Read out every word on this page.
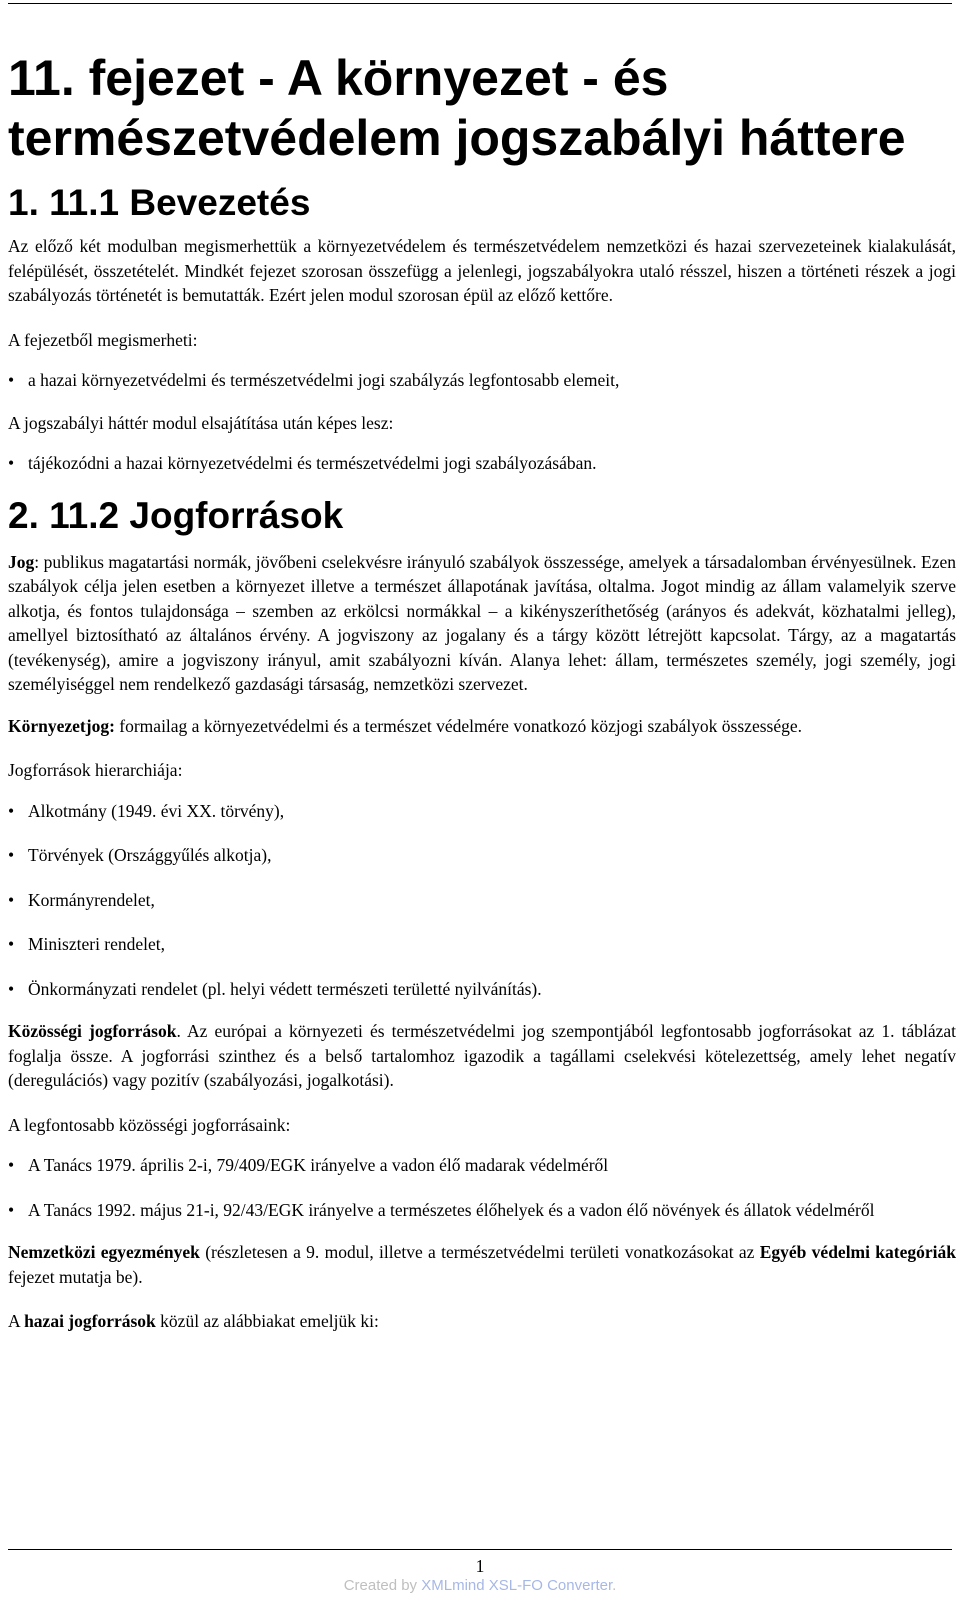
11. fejezet - A környezet - és természetvédelem jogszabályi háttere
1. 11.1 Bevezetés

Az előző két modulban megismerhettük a környezetvédelem és természetvédelem nemzetközi és hazai szervezeteinek kialakulását, felépülését, összetételét. Mindkét fejezet szorosan összefügg a jelenlegi, jogszabályokra utaló résszel, hiszen a történeti részek a jogi szabályozás történetét is bemutatták. Ezért jelen modul szorosan épül az előző kettőre.

A fejezetből megismerheti:

• a hazai környezetvédelmi és természetvédelmi jogi szabályzás legfontosabb elemeit,

A jogszabályi háttér modul elsajátítása után képes lesz:

• tájékozódni a hazai környezetvédelmi és természetvédelmi jogi szabályozásában.
2. 11.2 Jogforrások

Jog: publikus magatartási normák, jövőbeni cselekvésre irányuló szabályok összessége, amelyek a társadalomban érvényesülnek. Ezen szabályok célja jelen esetben a környezet illetve a természet állapotának javítása, oltalma. Jogot mindig az állam valamelyik szerve alkotja, és fontos tulajdonsága – szemben az erkölcsi normákkal – a kikényszeríthetőség (arányos és adekvát, közhatalmi jelleg), amellyel biztosítható az általános érvény. A jogviszony az jogalany és a tárgy között létrejött kapcsolat. Tárgy, az a magatartás (tevékenység), amire a jogviszony irányul, amit szabályozni kíván. Alanya lehet: állam, természetes személy, jogi személy, jogi személyiséggel nem rendelkező gazdasági társaság, nemzetközi szervezet.

Környezetjog: formailag a környezetvédelmi és a természet védelmére vonatkozó közjogi szabályok összessége.

Jogforrások hierarchiája:

• Alkotmány (1949. évi XX. törvény),
• Törvények (Országgyűlés alkotja),
• Kormányrendelet,
• Miniszteri rendelet,
• Önkormányzati rendelet (pl. helyi védett természeti területté nyilvánítás).

Közösségi jogforrások. Az európai a környezeti és természetvédelmi jog szempontjából legfontosabb jogforrásokat az 1. táblázat foglalja össze. A jogforrási szinthez és a belső tartalomhoz igazodik a tagállami cselekvési kötelezettség, amely lehet negatív (deregulációs) vagy pozitív (szabályozási, jogalkotási).

A legfontosabb közösségi jogforrásaink:

• A Tanács 1979. április 2-i, 79/409/EGK irányelve a vadon élő madarak védelméről
• A Tanács 1992. május 21-i, 92/43/EGK irányelve a természetes élőhelyek és a vadon élő növények és állatok védelméről

Nemzetközi egyezmények (részletesen a 9. modul, illetve a természetvédelmi területi vonatkozásokat az Egyéb védelmi kategóriák fejezet mutatja be).

A hazai jogforrások közül az alábbiakat emeljük ki:

1
Created by XMLmind XSL-FO Converter.
